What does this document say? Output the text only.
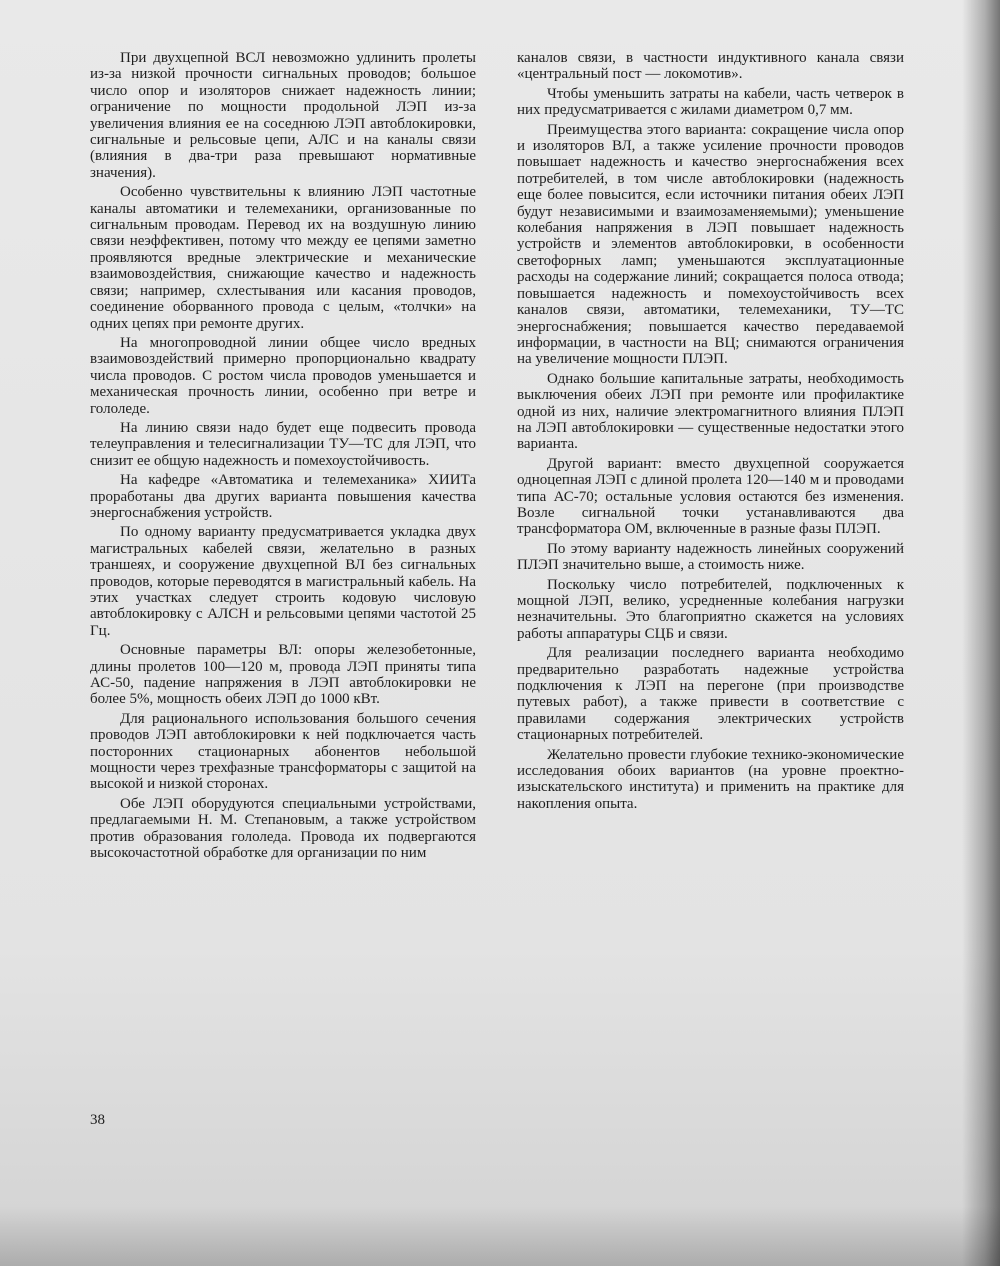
При двухцепной ВСЛ невозможно удлинить пролеты из-за низкой прочности сигнальных проводов; большое число опор и изоляторов снижает надежность линии; ограничение по мощности продольной ЛЭП из-за увеличения влияния ее на соседнюю ЛЭП автоблокировки, сигнальные и рельсовые цепи, АЛС и на каналы связи (влияния в два-три раза превышают нормативные значения).

Особенно чувствительны к влиянию ЛЭП частотные каналы автоматики и телемеханики, организованные по сигнальным проводам. Перевод их на воздушную линию связи неэффективен, потому что между ее цепями заметно проявляются вредные электрические и механические взаимовоздействия, снижающие качество и надежность связи; например, схлестывания или касания проводов, соединение оборванного провода с целым, «толчки» на одних цепях при ремонте других.

На многопроводной линии общее число вредных взаимовоздействий примерно пропорционально квадрату числа проводов. С ростом числа проводов уменьшается и механическая прочность линии, особенно при ветре и гололеде.

На линию связи надо будет еще подвесить провода телеуправления и телесигнализации ТУ—ТС для ЛЭП, что снизит ее общую надежность и помехоустойчивость.

На кафедре «Автоматика и телемеханика» ХИИТа проработаны два других варианта повышения качества энергоснабжения устройств.

По одному варианту предусматривается укладка двух магистральных кабелей связи, желательно в разных траншеях, и сооружение двухцепной ВЛ без сигнальных проводов, которые переводятся в магистральный кабель. На этих участках следует строить кодовую числовую автоблокировку с АЛСН и рельсовыми цепями частотой 25 Гц.

Основные параметры ВЛ: опоры железобетонные, длины пролетов 100—120 м, провода ЛЭП приняты типа АС-50, падение напряжения в ЛЭП автоблокировки не более 5%, мощность обеих ЛЭП до 1000 кВт.

Для рационального использования большого сечения проводов ЛЭП автоблокировки к ней подключается часть посторонних стационарных абонентов небольшой мощности через трехфазные трансформаторы с защитой на высокой и низкой сторонах.

Обе ЛЭП оборудуются специальными устройствами, предлагаемыми Н. М. Степановым, а также устройством против образования гололеда. Провода их подвергаются высокочастотной обработке для организации по ним

каналов связи, в частности индуктивного канала связи «центральный пост — локомотив».

Чтобы уменьшить затраты на кабели, часть четверок в них предусматривается с жилами диаметром 0,7 мм.

Преимущества этого варианта: сокращение числа опор и изоляторов ВЛ, а также усиление прочности проводов повышает надежность и качество энергоснабжения всех потребителей, в том числе автоблокировки (надежность еще более повысится, если источники питания обеих ЛЭП будут независимыми и взаимозаменяемыми); уменьшение колебания напряжения в ЛЭП повышает надежность устройств и элементов автоблокировки, в особенности светофорных ламп; уменьшаются эксплуатационные расходы на содержание линий; сокращается полоса отвода; повышается надежность и помехоустойчивость всех каналов связи, автоматики, телемеханики, ТУ—ТС энергоснабжения; повышается качество передаваемой информации, в частности на ВЦ; снимаются ограничения на увеличение мощности ПЛЭП.

Однако большие капитальные затраты, необходимость выключения обеих ЛЭП при ремонте или профилактике одной из них, наличие электромагнитного влияния ПЛЭП на ЛЭП автоблокировки — существенные недостатки этого варианта.

Другой вариант: вместо двухцепной сооружается одноцепная ЛЭП с длиной пролета 120—140 м и проводами типа АС-70; остальные условия остаются без изменения. Возле сигнальной точки устанавливаются два трансформатора ОМ, включенные в разные фазы ПЛЭП.

По этому варианту надежность линейных сооружений ПЛЭП значительно выше, а стоимость ниже.

Поскольку число потребителей, подключенных к мощной ЛЭП, велико, усредненные колебания нагрузки незначительны. Это благоприятно скажется на условиях работы аппаратуры СЦБ и связи.

Для реализации последнего варианта необходимо предварительно разработать надежные устройства подключения к ЛЭП на перегоне (при производстве путевых работ), а также привести в соответствие с правилами содержания электрических устройств стационарных потребителей.

Желательно провести глубокие технико-экономические исследования обоих вариантов (на уровне проектно-изыскательского института) и применить на практике для накопления опыта.

38
